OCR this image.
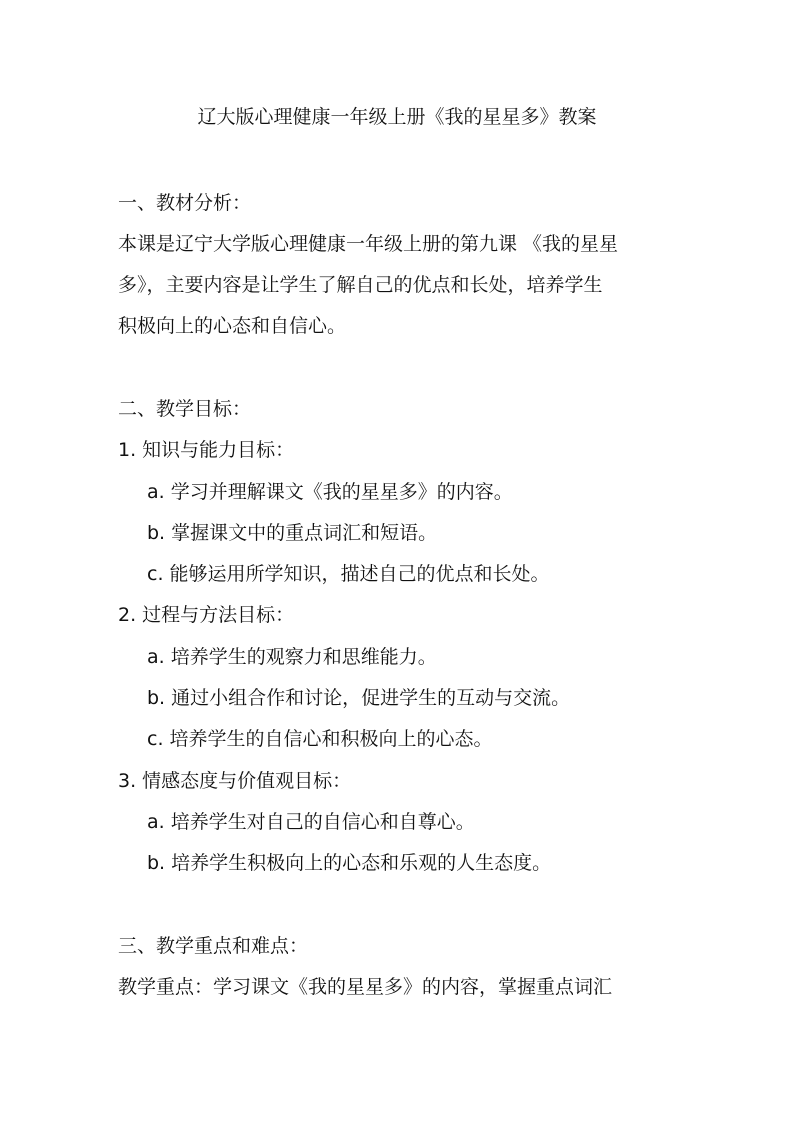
辽大版心理健康一年级上册《我的星星多》教案
一、教材分析：
本课是辽宁大学版心理健康一年级上册的第九课 《我的星星
多》，主要内容是让学生了解自己的优点和长处，培养学生
积极向上的心态和自信心。
二、教学目标：
1. 知识与能力目标：
a. 学习并理解课文《我的星星多》的内容。
b. 掌握课文中的重点词汇和短语。
c. 能够运用所学知识，描述自己的优点和长处。
2. 过程与方法目标：
a. 培养学生的观察力和思维能力。
b. 通过小组合作和讨论，促进学生的互动与交流。
c. 培养学生的自信心和积极向上的心态。
3. 情感态度与价值观目标：
a. 培养学生对自己的自信心和自尊心。
b. 培养学生积极向上的心态和乐观的人生态度。
三、教学重点和难点：
教学重点：学习课文《我的星星多》的内容，掌握重点词汇
